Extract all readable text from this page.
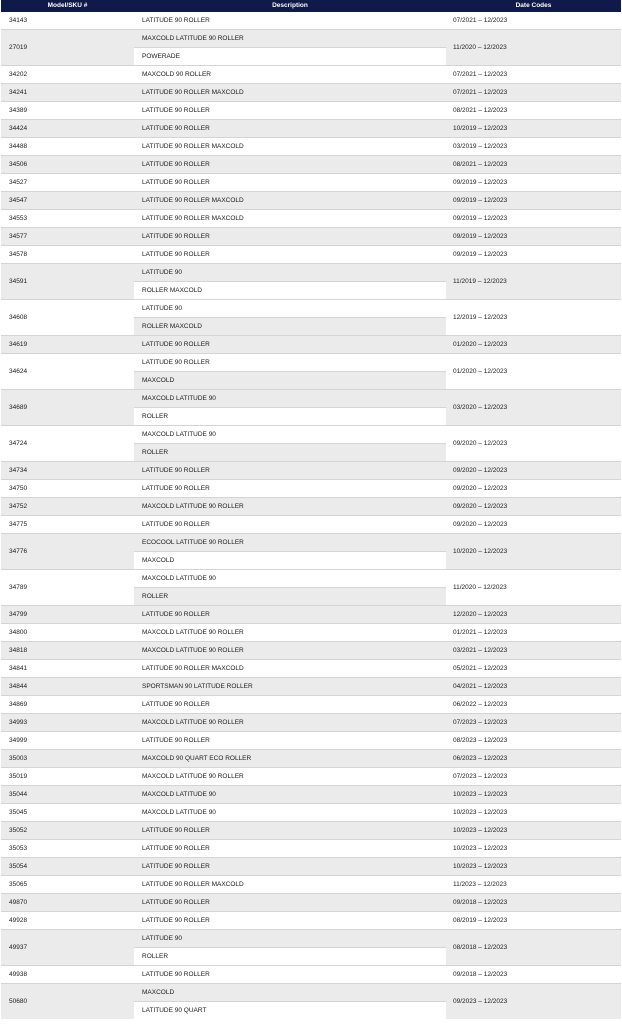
Model/SKU #	Description	Date Codes
34143	LATITUDE 90 ROLLER	07/2021 – 12/2023
27019	MAXCOLD LATITUDE 90 ROLLER	11/2020 – 12/2023
	POWERADE	
34202	MAXCOLD 90 ROLLER	07/2021 – 12/2023
34241	LATITUDE 90 ROLLER MAXCOLD	07/2021 – 12/2023
34389	LATITUDE 90 ROLLER	08/2021 – 12/2023
34424	LATITUDE 90 ROLLER	10/2019 – 12/2023
34488	LATITUDE 90 ROLLER MAXCOLD	03/2019 – 12/2023
34506	LATITUDE 90 ROLLER	08/2021 – 12/2023
34527	LATITUDE 90 ROLLER	09/2019 – 12/2023
34547	LATITUDE 90 ROLLER MAXCOLD	09/2019 – 12/2023
34553	LATITUDE 90 ROLLER MAXCOLD	09/2019 – 12/2023
34577	LATITUDE 90 ROLLER	09/2019 – 12/2023
34578	LATITUDE 90 ROLLER	09/2019 – 12/2023
34591	LATITUDE 90	11/2019 – 12/2023
	ROLLER MAXCOLD	
34608	LATITUDE 90	12/2019 – 12/2023
	ROLLER MAXCOLD	
34619	LATITUDE 90 ROLLER	01/2020 – 12/2023
34624	LATITUDE 90 ROLLER	01/2020 – 12/2023
	MAXCOLD	
34689	MAXCOLD LATITUDE 90	03/2020 – 12/2023
	ROLLER	
34724	MAXCOLD LATITUDE 90	09/2020 – 12/2023
	ROLLER	
34734	LATITUDE 90 ROLLER	09/2020 – 12/2023
34750	LATITUDE 90 ROLLER	09/2020 – 12/2023
34752	MAXCOLD LATITUDE 90 ROLLER	09/2020 – 12/2023
34775	LATITUDE 90 ROLLER	09/2020 – 12/2023
34776	ECOCOOL LATITUDE 90 ROLLER	10/2020 – 12/2023
	MAXCOLD	
34789	MAXCOLD LATITUDE 90	11/2020 – 12/2023
	ROLLER	
34799	LATITUDE 90 ROLLER	12/2020 – 12/2023
34800	MAXCOLD LATITUDE 90 ROLLER	01/2021 – 12/2023
34818	MAXCOLD LATITUDE 90 ROLLER	03/2021 – 12/2023
34841	LATITUDE 90 ROLLER MAXCOLD	05/2021 – 12/2023
34844	SPORTSMAN 90 LATITUDE ROLLER	04/2021 – 12/2023
34869	LATITUDE 90 ROLLER	06/2022 – 12/2023
34993	MAXCOLD LATITUDE 90 ROLLER	07/2023 – 12/2023
34999	LATITUDE 90 ROLLER	08/2023 – 12/2023
35003	MAXCOLD 90 QUART ECO ROLLER	06/2023 – 12/2023
35019	MAXCOLD LATITUDE 90 ROLLER	07/2023 – 12/2023
35044	MAXCOLD LATITUDE 90	10/2023 – 12/2023
35045	MAXCOLD LATITUDE 90	10/2023 – 12/2023
35052	LATITUDE 90 ROLLER	10/2023 – 12/2023
35053	LATITUDE 90 ROLLER	10/2023 – 12/2023
35054	LATITUDE 90 ROLLER	10/2023 – 12/2023
35065	LATITUDE 90 ROLLER MAXCOLD	11/2023 – 12/2023
49870	LATITUDE 90 ROLLER	09/2018 – 12/2023
49928	LATITUDE 90 ROLLER	08/2019 – 12/2023
49937	LATITUDE 90	08/2018 – 12/2023
	ROLLER	
49938	LATITUDE 90 ROLLER	09/2018 – 12/2023
50680	MAXCOLD	09/2023 – 12/2023
	LATITUDE 90 QUART	
